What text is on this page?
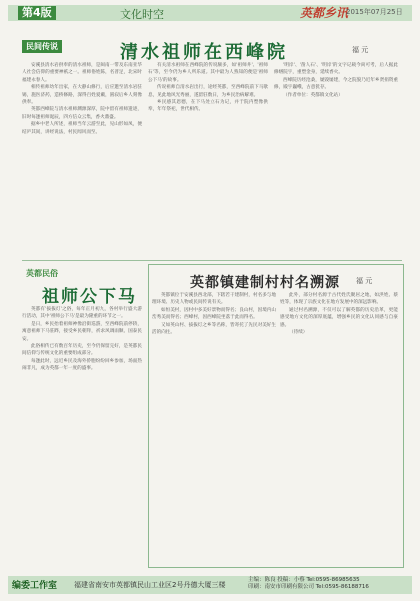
第4版	文化时空	英都乡讯
2015年07月25日
民间传说	清水祖师在西峰院	福 元

安溪县清水岩供奉的清水祖师，是闽南一带及东南亚华人社会信仰的重要神祇之一。祖师俗姓陈，名普足，北宋时福建永春人。

相传祖师幼年出家，在大静山修行，后应邀至清水岩驻锡，施医济药，造桥修路，深得百姓爱戴，圆寂后乡人刻像供奉。

英都西峰院与清水祖师渊源深厚，院中留有祖师遗迹，旧时每逢祖师诞辰，四方信众云集，香火鼎盛。

据乡中老人所述，祖师当年云游至此，见山形如凤，便结庐其间，讲经说法，村民闻风而至。

有关清水祖师在西峰院的传说颇多，如'祖师井'、'祖师石'等，至今仍为乡人所乐道。其中最为人熟知的便是'祖师公下马'的故事。

传说祖师自清水岩出行，途经英都，至西峰院前下马歇息，见此地风光秀丽，遂留驻数日，为乡民治病解难。

乡民感其恩德，在下马处立石为记，并于院内塑像供奉，年年祭祀，世代相传。

'明岸'、'凿人石'、'明岸'的文字记载今尚可考，后人据此修缮院宇，重塑金身，延续香火。

西峰院历经沧桑，屡毁屡建，今之院貌乃近年乡贤捐资重修，殿宇巍峨，古意犹存。

（作者单位：英都镇文化站）

英都民俗
祖师公下马

英都有'拔拔灯'之俗，每年正月初九，各村举行盛大游行活动，其中'祖师公下马'是最为隆重的环节之一。

是日，乡民抬着祖师神像沿街巡游，至西峰院前停轿，寓意祖师下马驻跸，接受乡民朝拜，祈求风调雨顺、国泰民安。

此俗相传已有数百年历史，至今仍保留完好，是英都民间信仰与传统文化的重要组成部分。

每逢此时，远近乡民及海外侨胞纷纷回乡参加，场面热闹非凡，成为英都一年一度的盛事。

英都镇建制村村名溯源 福 元

英都镇位于安溪县西北部，下辖若干建制村，村名多与地理环境、历史人物或民间传说有关。

如恒美村，因村中多美好景物而得名；良山村，因境内山峦秀美而得名；西峰村，因西峰院坐落于此而得名。

又如英山村、拔拔灯之乡等名称，皆寄托了先民对美好生活的向往。

此外，部分村名源于古代姓氏聚居之地，如洪姓、蔡姓等，体现了宗族文化在地方发展中的深远影响。

通过村名溯源，不仅可以了解英都的历史沿革，更能感受地方文化的深厚底蕴，增强乡民的文化认同感与自豪感。

（待续）

编委工作室 福建省南安市英都镇民山工业区2号丹德大厦三楼
主编：陈良 投稿：小蔡 Tel:0595-86985635
印刷：南安市印刷有限公司 Tel:0595-86188716
